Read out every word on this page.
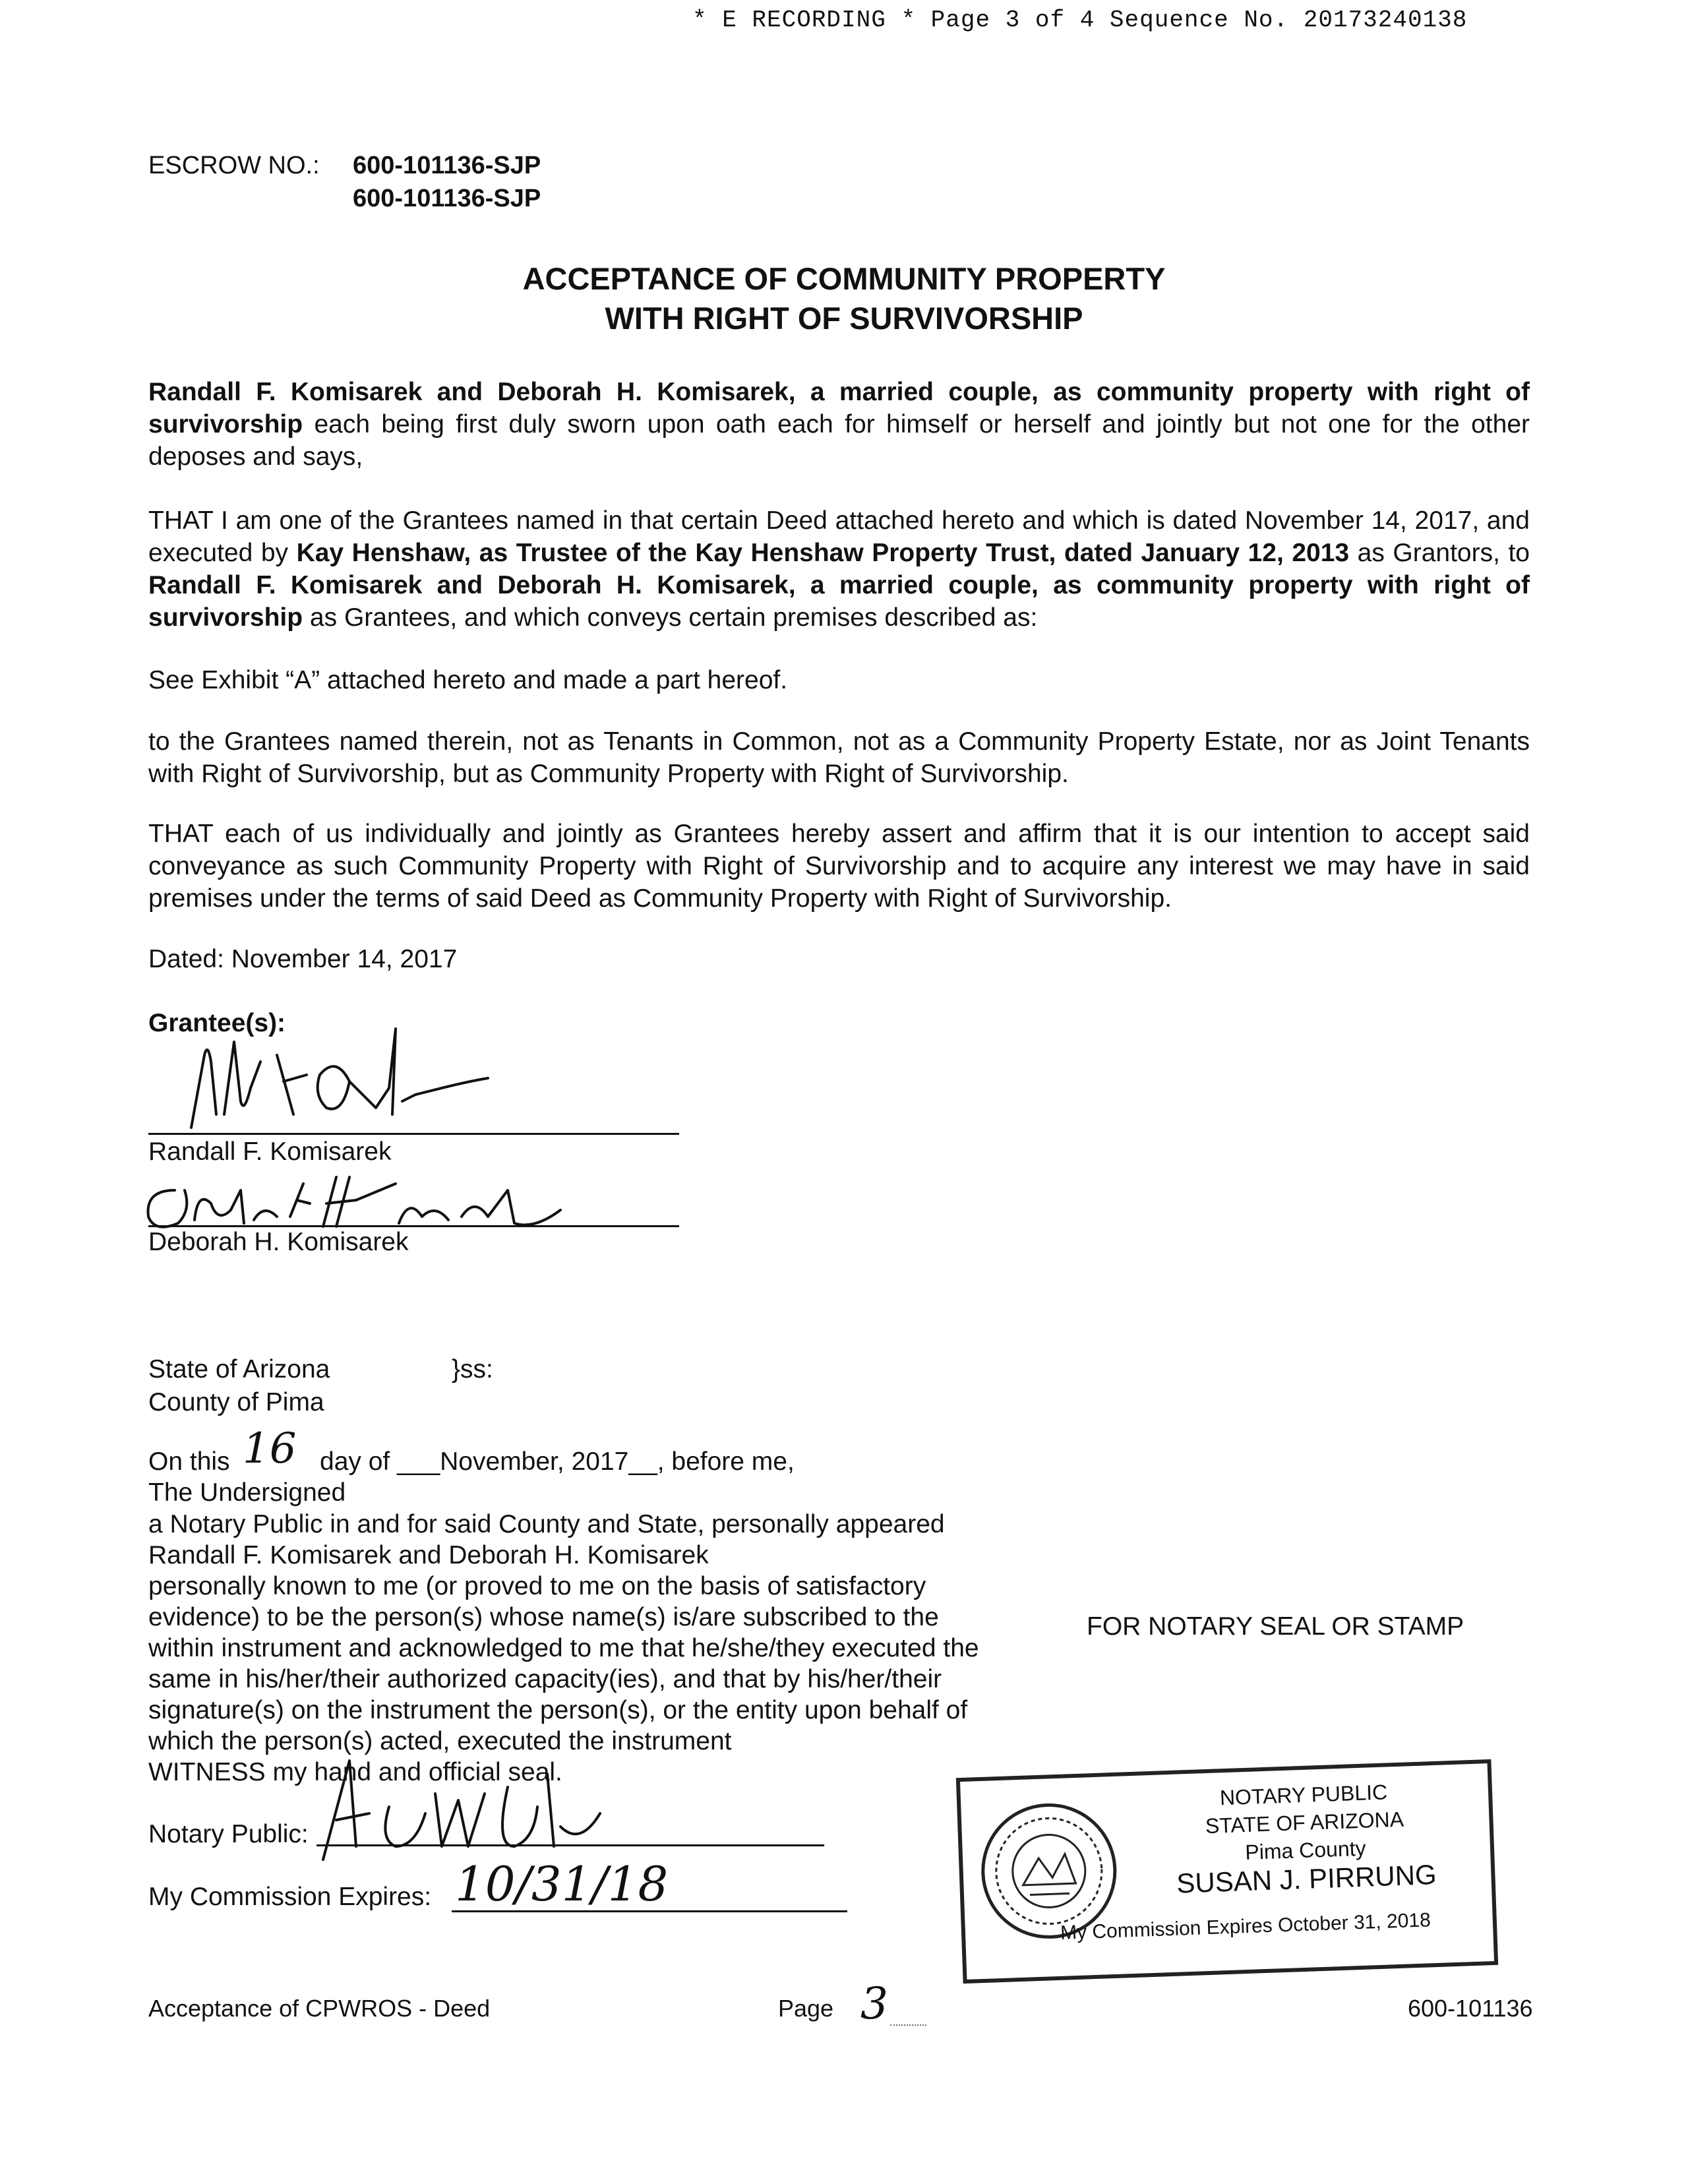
* E RECORDING * Page 3 of 4 Sequence No. 20173240138
ESCROW NO.: 600-101136-SJP
600-101136-SJP
ACCEPTANCE OF COMMUNITY PROPERTY
WITH RIGHT OF SURVIVORSHIP
Randall F. Komisarek and Deborah H. Komisarek, a married couple, as community property with right of survivorship each being first duly sworn upon oath each for himself or herself and jointly but not one for the other deposes and says,
THAT I am one of the Grantees named in that certain Deed attached hereto and which is dated November 14, 2017, and executed by Kay Henshaw, as Trustee of the Kay Henshaw Property Trust, dated January 12, 2013 as Grantors, to Randall F. Komisarek and Deborah H. Komisarek, a married couple, as community property with right of survivorship as Grantees, and which conveys certain premises described as:
See Exhibit “A” attached hereto and made a part hereof.
to the Grantees named therein, not as Tenants in Common, not as a Community Property Estate, nor as Joint Tenants with Right of Survivorship, but as Community Property with Right of Survivorship.
THAT each of us individually and jointly as Grantees hereby assert and affirm that it is our intention to accept said conveyance as such Community Property with Right of Survivorship and to acquire any interest we may have in said premises under the terms of said Deed as Community Property with Right of Survivorship.
Dated: November 14, 2017
Grantee(s):
Randall F. Komisarek
Deborah H. Komisarek
State of Arizona	}ss:
County of Pima
On this 16 day of ___November, 2017__, before me,
The Undersigned
a Notary Public in and for said County and State, personally appeared
Randall F. Komisarek and Deborah H. Komisarek
personally known to me (or proved to me on the basis of satisfactory
evidence) to be the person(s) whose name(s) is/are subscribed to the
within instrument and acknowledged to me that he/she/they executed the
same in his/her/their authorized capacity(ies), and that by his/her/their
signature(s) on the instrument the person(s), or the entity upon behalf of
which the person(s) acted, executed the instrument
WITNESS my hand and official seal.
FOR NOTARY SEAL OR STAMP
Notary Public:
My Commission Expires: 10/31/18
NOTARY PUBLIC
STATE OF ARIZONA
Pima County
SUSAN J. PIRRUNG
My Commission Expires October 31, 2018
Acceptance of CPWROS - Deed	Page 3	600-101136
